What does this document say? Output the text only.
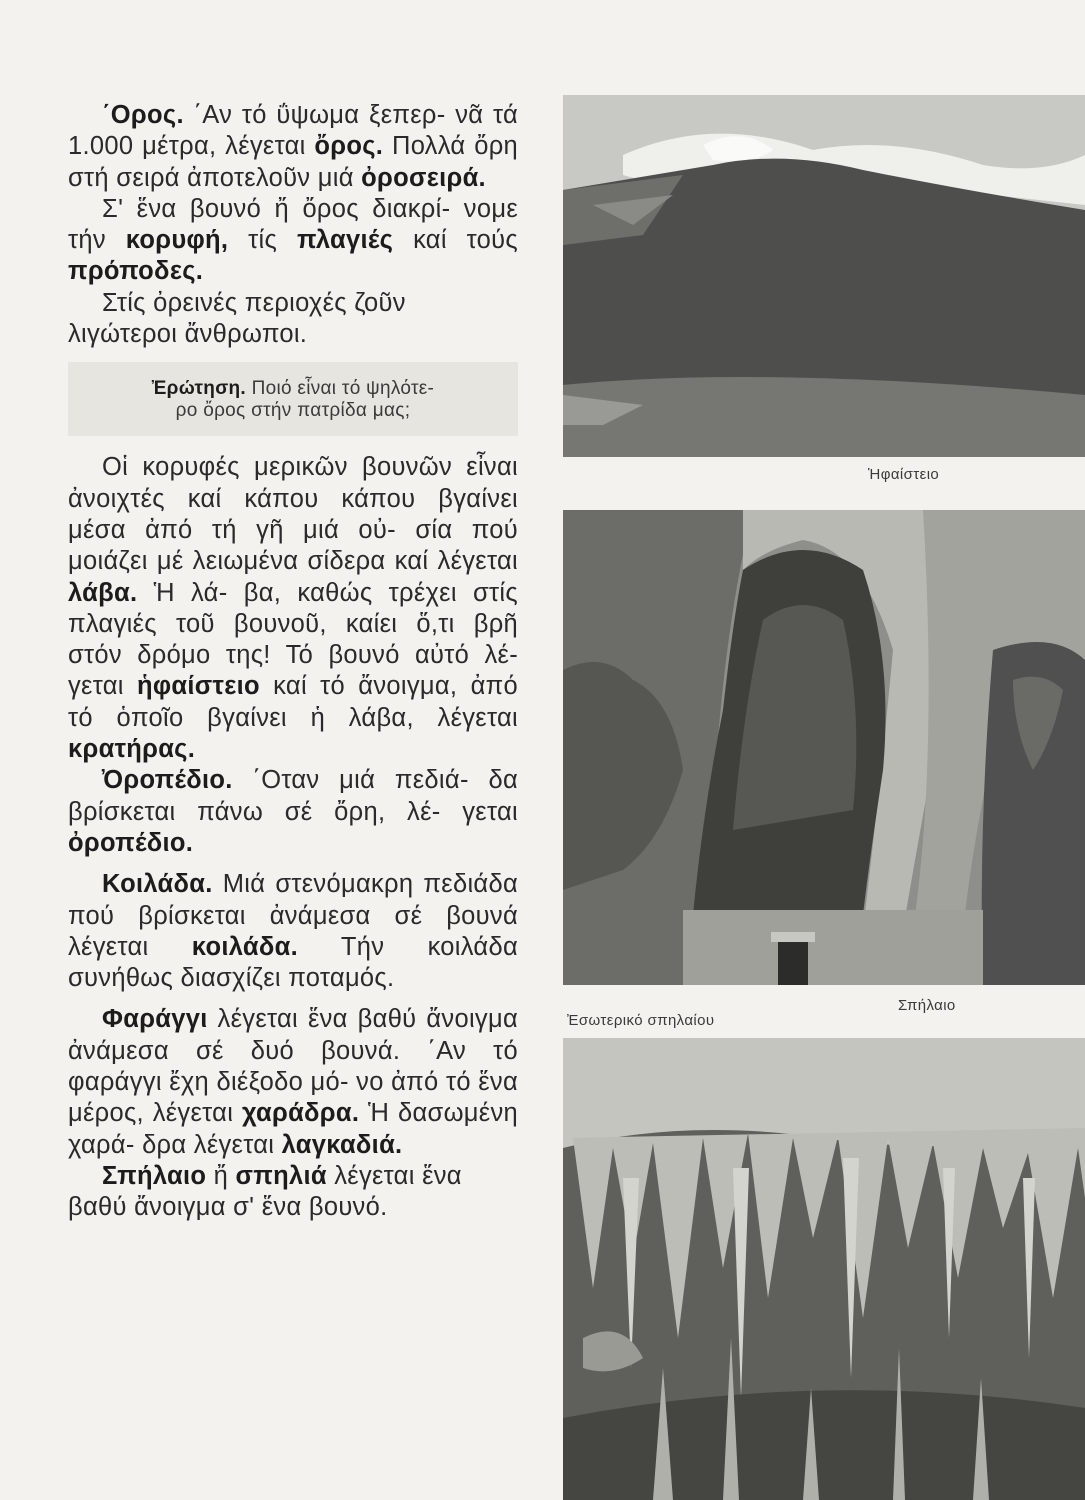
΄Ορος. ΄Αν τό ΰψωμα ξεπερ- νᾶ τά 1.000 μέτρα, λέγεται ὄρος. Πολλά ὄρη στή σειρά ἀποτελοῦν μιά ὀροσειρά.

Σ' ἕνα βουνό ἤ ὄρος διακρί- νομε τήν κορυφή, τίς πλαγιές καί τούς πρόποδες.

Στίς ὀρεινές περιοχές ζοῦν λιγώτεροι ἄνθρωποι.

Ἐρώτηση. Ποιό εἶναι τό ψηλότε-
ρο ὄρος στήν πατρίδα μας;

Οἱ κορυφές μερικῶν βουνῶν εἶναι ἀνοιχτές καί κάπου κάπου βγαίνει μέσα ἀπό τή γῆ μιά οὐ- σία πού μοιάζει μέ λειωμένα σίδερα καί λέγεται λάβα. Ἡ λά- βα, καθώς τρέχει στίς πλαγιές τοῦ βουνοῦ, καίει ὅ,τι βρῆ στόν δρόμο της! Τό βουνό αὐτό λέ- γεται ἡφαίστειο καί τό ἄνοιγμα, ἀπό τό ὁποῖο βγαίνει ἡ λάβα, λέγεται κρατήρας.

Ὀροπέδιο. ΄Οταν μιά πεδιά- δα βρίσκεται πάνω σέ ὄρη, λέ- γεται ὀροπέδιο.

Κοιλάδα. Μιά στενόμακρη πεδιάδα πού βρίσκεται ἀνάμεσα σέ βουνά λέγεται κοιλάδα. Τήν κοιλάδα συνήθως διασχίζει ποταμός.

Φαράγγι λέγεται ἕνα βαθύ ἄνοιγμα ἀνάμεσα σέ δυό βουνά. ΄Αν τό φαράγγι ἔχη διέξοδο μό- νο ἀπό τό ἕνα μέρος, λέγεται χαράδρα. Ἡ δασωμένη χαρά- δρα λέγεται λαγκαδιά.

Σπήλαιο ἤ σπηλιά λέγεται ἕνα βαθύ ἄνοιγμα σ' ἕνα βουνό.

Ἡφαίστειο
Σπήλαιο
Ἐσωτερικό σπηλαίου
